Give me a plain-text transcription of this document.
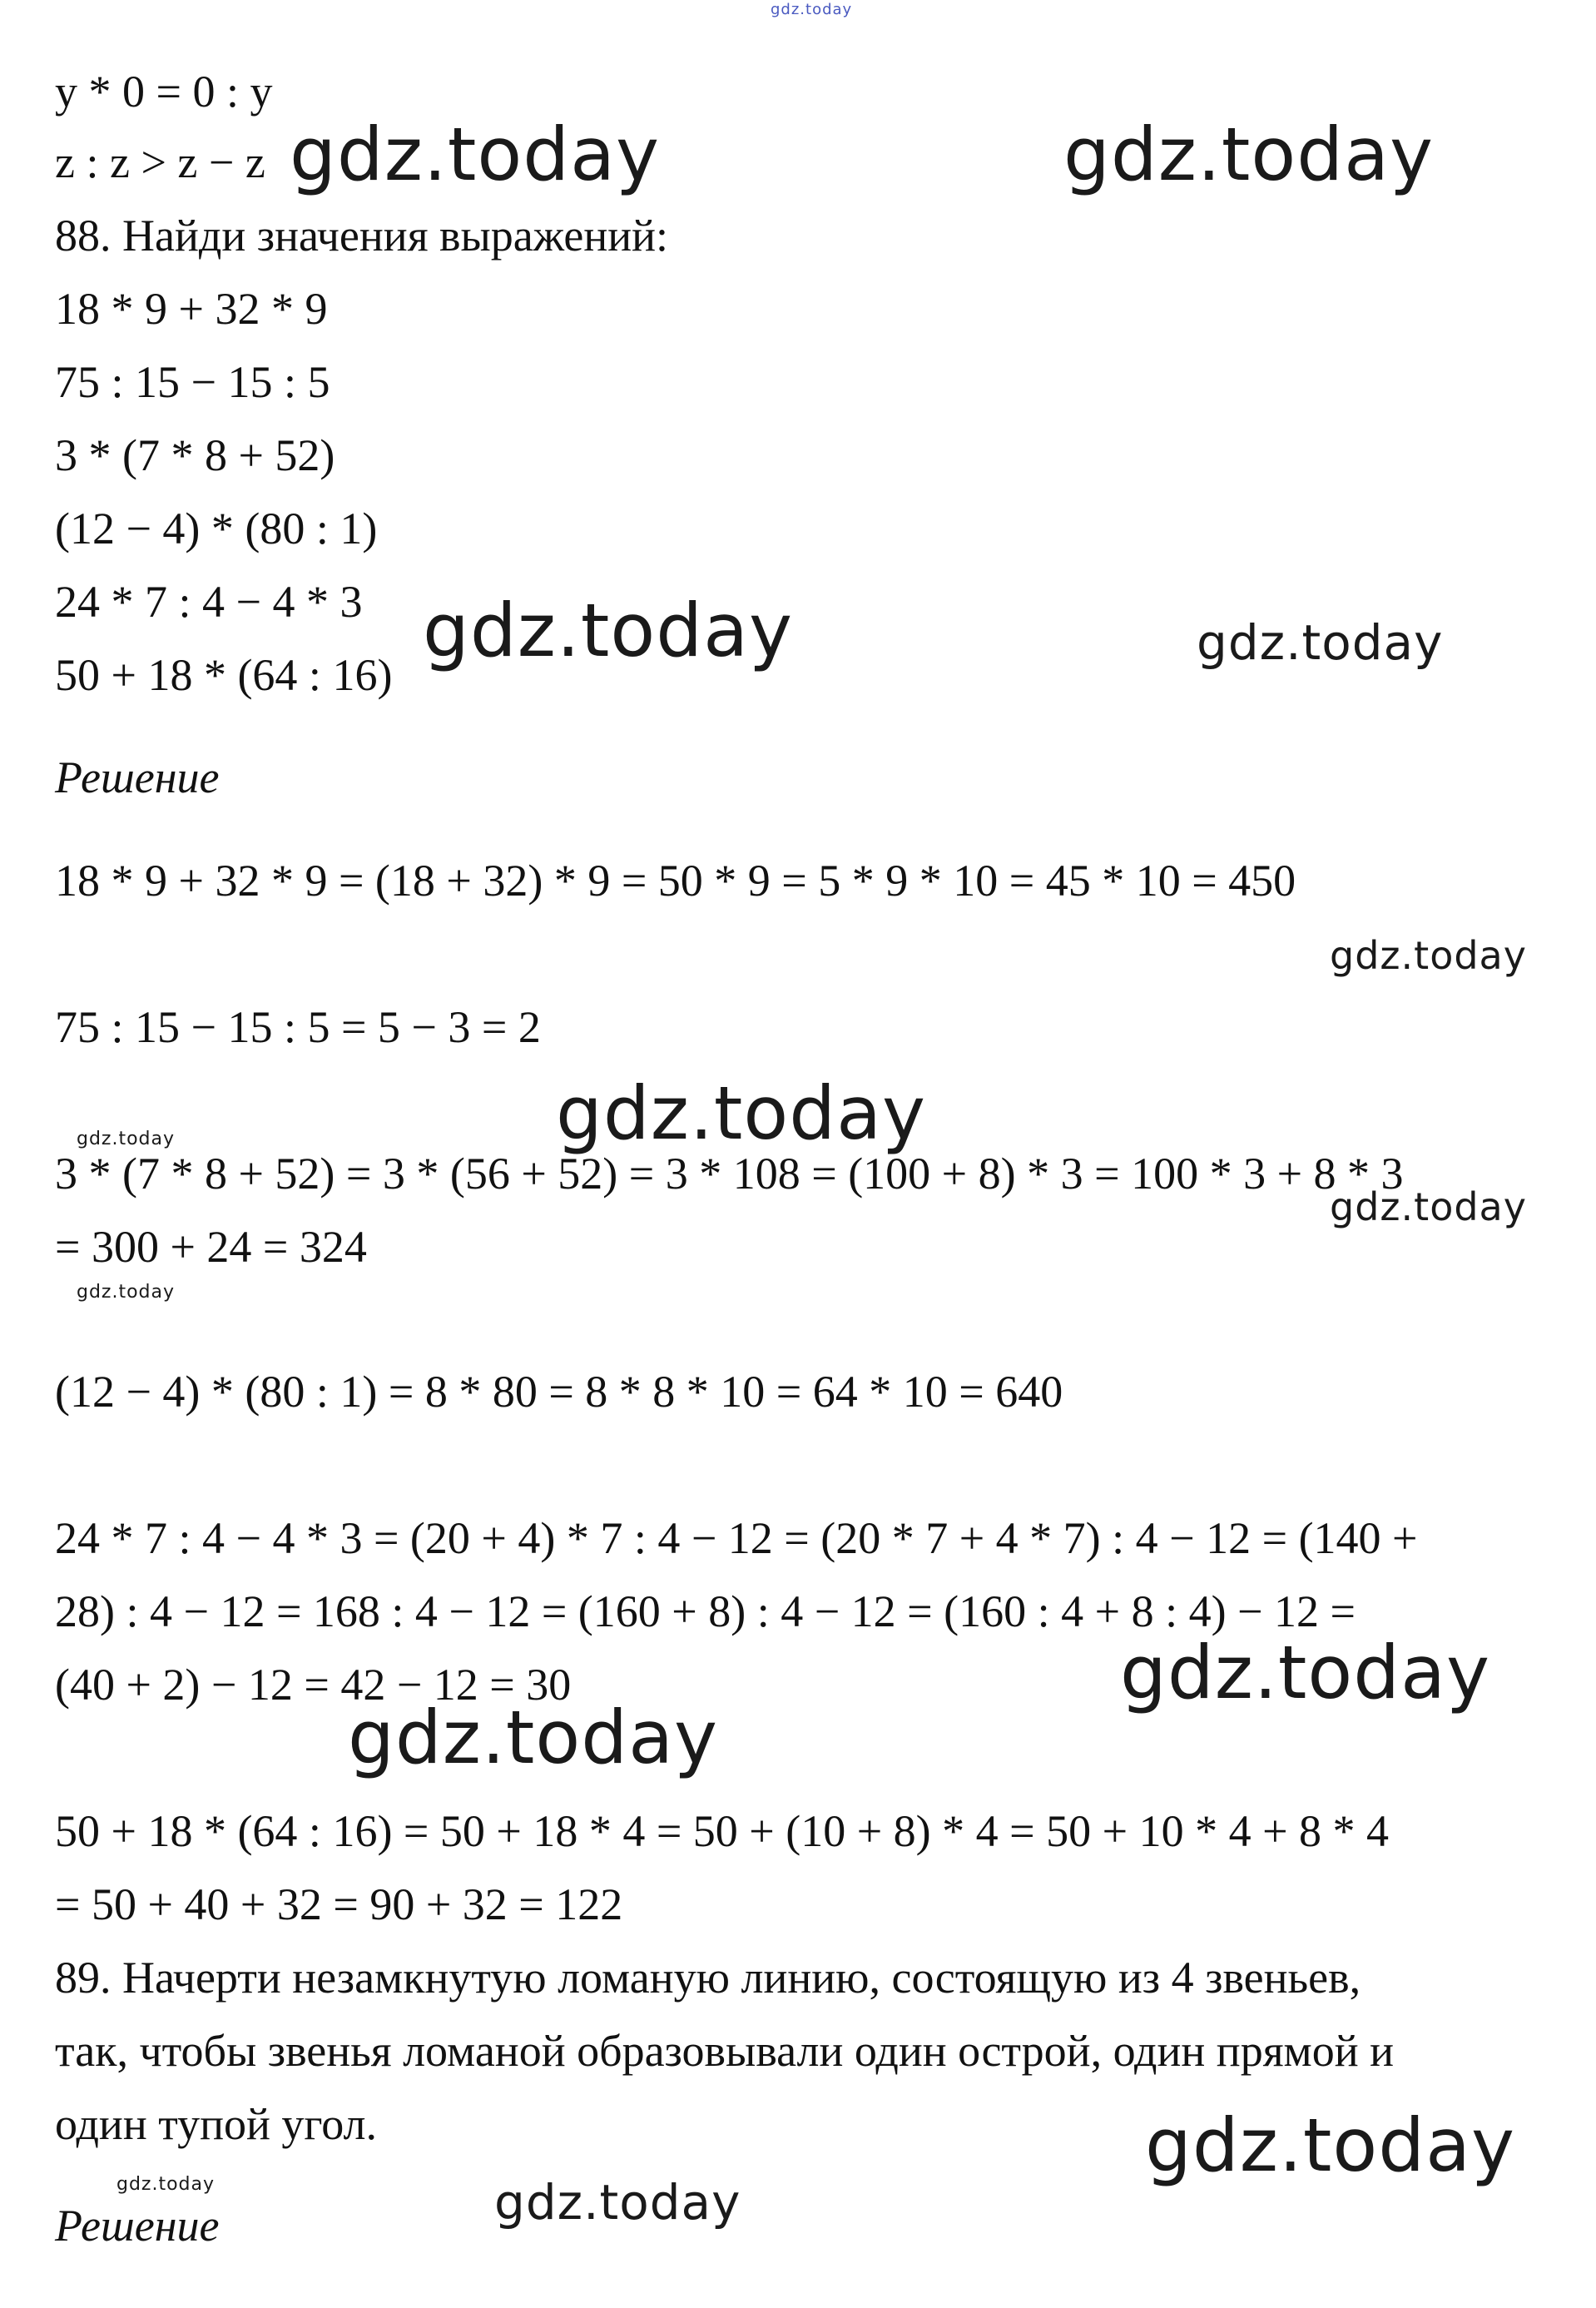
gdz.today
y * 0 = 0 : y
z : z > z − z
88. Найди значения выражений:
18 * 9 + 32 * 9
75 : 15 − 15 : 5
3 * (7 * 8 + 52)
(12 − 4) * (80 : 1)
24 * 7 : 4 − 4 * 3
50 + 18 * (64 : 16)
Решение
18 * 9 + 32 * 9 = (18 + 32) * 9 = 50 * 9 = 5 * 9 * 10 = 45 * 10 = 450
75 : 15 − 15 : 5 = 5 − 3 = 2
3 * (7 * 8 + 52) = 3 * (56 + 52) = 3 * 108 = (100 + 8) * 3 = 100 * 3 + 8 * 3
= 300 + 24 = 324
(12 − 4) * (80 : 1) = 8 * 80 = 8 * 8 * 10 = 64 * 10 = 640
24 * 7 : 4 − 4 * 3 = (20 + 4) * 7 : 4 − 12 = (20 * 7 + 4 * 7) : 4 − 12 = (140 +
28) : 4 − 12 = 168 : 4 − 12 = (160 + 8) : 4 − 12 = (160 : 4 + 8 : 4) − 12 =
(40 + 2) − 12 = 42 − 12 = 30
50 + 18 * (64 : 16) = 50 + 18 * 4 = 50 + (10 + 8) * 4 = 50 + 10 * 4 + 8 * 4
= 50 + 40 + 32 = 90 + 32 = 122
89. Начерти незамкнутую ломаную линию, состоящую из 4 звеньев,
так, чтобы звенья ломаной образовывали один острой, один прямой и
один тупой угол.
Решение
gdz.today	gdz.today
gdz.today	gdz.today
gdz.today
gdz.today
gdz.today
gdz.today
gdz.today
gdz.today
gdz.today
gdz.today
gdz.today	gdz.today
